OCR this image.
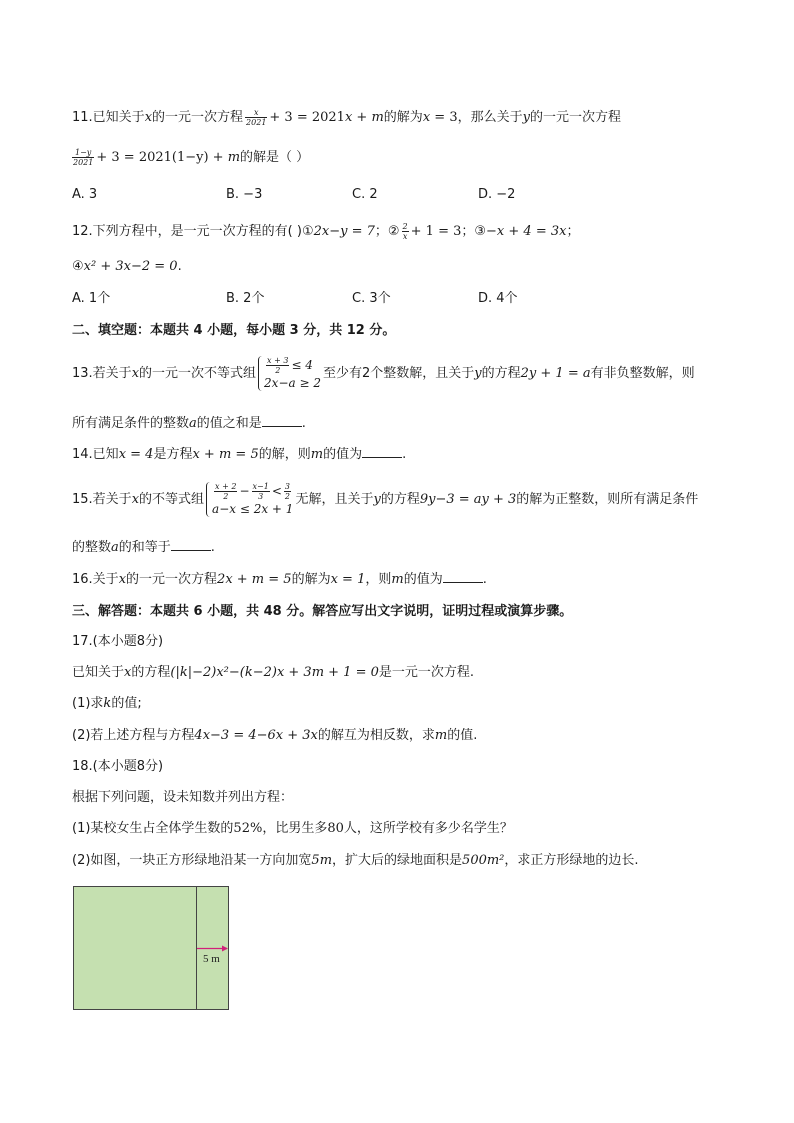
11.已知关于x的一元一次方程 $\frac{x}{2021} + 3 = 2021x + m$的解为x = 3，那么关于y的一元一次方程
$\frac{1-y}{2021} + 3 = 2021(1-y) + m$的解是（ ）
A. 3	B. −3	C. 2	D. −2
12.下列方程中，是一元一次方程的有( )①2x−y = 7；② $\frac{2}{x} + 1 = 3$；③−x + 4 = 3x；
④x² + 3x−2 = 0.
A. 1个	B. 2个	C. 3个	D. 4个
二、填空题：本题共 4 小题，每小题 3 分，共 12 分。
13.若关于x的一元一次不等式组 $\frac{x + 3}{2} \le 4$
2x−a ≥ 2
至少有2个整数解，且关于y的方程2y + 1 = a有非负整数解，则
所有满足条件的整数a的值之和是	.
14.已知x = 4是方程x + m = 5的解，则m的值为	.
15.若关于x的不等式组 $\frac{x + 2}{2} - \frac{x-1}{3} < \frac{3}{2}$
a−x ≤ 2x + 1
无解，且关于y的方程9y−3 = ay + 3的解为正整数，则所有满足条件
的整数a的和等于	.
16.关于x的一元一次方程2x + m = 5的解为x = 1，则m的值为	.
三、解答题：本题共 6 小题，共 48 分。解答应写出文字说明，证明过程或演算步骤。
17.(本小题8分)
已知关于x的方程(|k|−2)x²−(k−2)x + 3m + 1 = 0是一元一次方程.
(1)求k的值;
(2)若上述方程与方程4x−3 = 4−6x + 3x的解互为相反数，求m的值.
18.(本小题8分)
根据下列问题，设未知数并列出方程：
(1)某校女生占全体学生数的52%，比男生多80人，这所学校有多少名学生？
(2)如图，一块正方形绿地沿某一方向加宽5m，扩大后的绿地面积是500m²，求正方形绿地的边长.
5 m
